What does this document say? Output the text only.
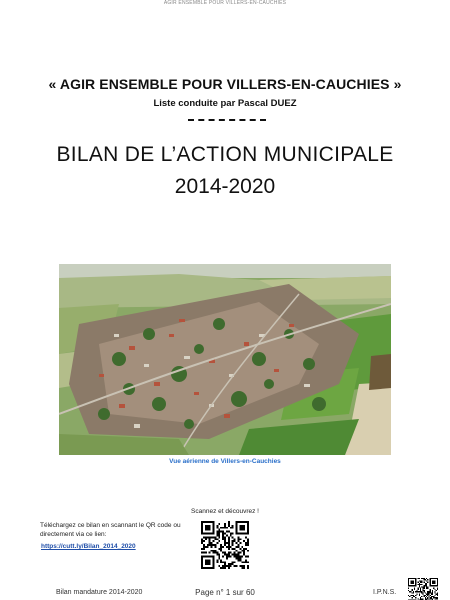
AGIR ENSEMBLE POUR VILLERS-EN-CAUCHIES
« AGIR ENSEMBLE POUR VILLERS-EN-CAUCHIES »
Liste conduite par Pascal DUEZ
BILAN DE L’ACTION MUNICIPALE
2014-2020
Vue aérienne de Villers-en-Cauchies
Scannez et découvrez !
Téléchargez ce bilan en scannant le QR code ou directement via ce lien:
https://cutt.ly/Bilan_2014_2020
Bilan mandature 2014-2020	Page n° 1 sur 60	I.P.N.S.
